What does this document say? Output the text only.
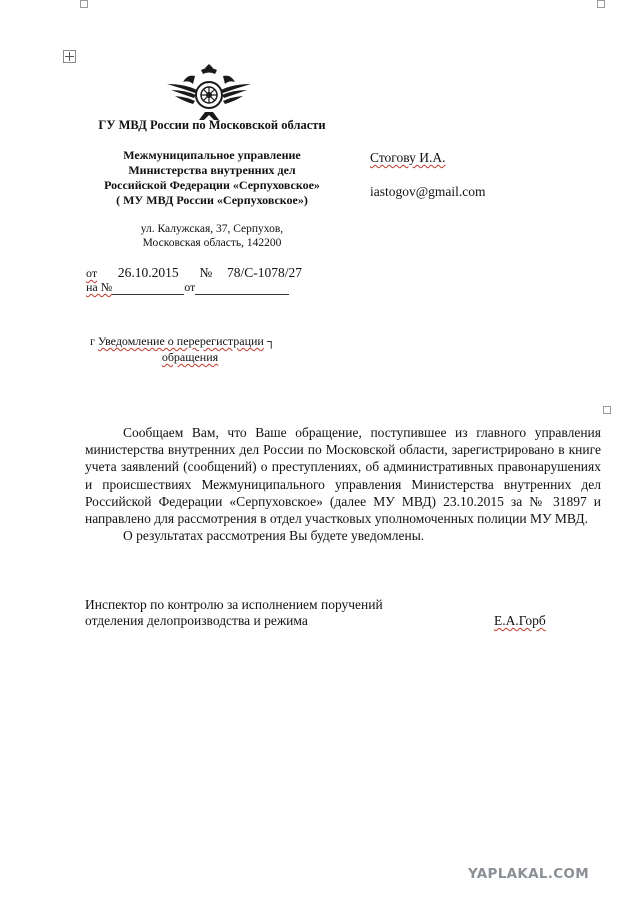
ГУ МВД России по Московской области
Межмуниципальное управление
Министерства внутренних дел
Российской Федерации «Серпуховское»
( МУ МВД России «Серпуховское»)
ул. Калужская, 37, Серпухов,
Московская область, 142200
от 26.10.2015 № 78/С-1078/27
на №	от
г Уведомление о перерегистрации ┐
обращения
Стогову И.А.
iastogov@gmail.com

Сообщаем Вам, что Ваше обращение, поступившее из главного управления министерства внутренних дел России по Московской области, зарегистрировано в книге учета заявлений (сообщений) о преступлениях, об административных правонарушениях и происшествиях Межмуниципального управления Министерства внутренних дел Российской Федерации «Серпуховское» (далее МУ МВД) 23.10.2015 за № 31897 и направлено для рассмотрения в отдел участковых уполномоченных полиции МУ МВД.

О результатах рассмотрения Вы будете уведомлены.

Инспектор по контролю за исполнением поручений
отделения делопроизводства и режима	Е.А.Горб
YAPLAKAL.COM
